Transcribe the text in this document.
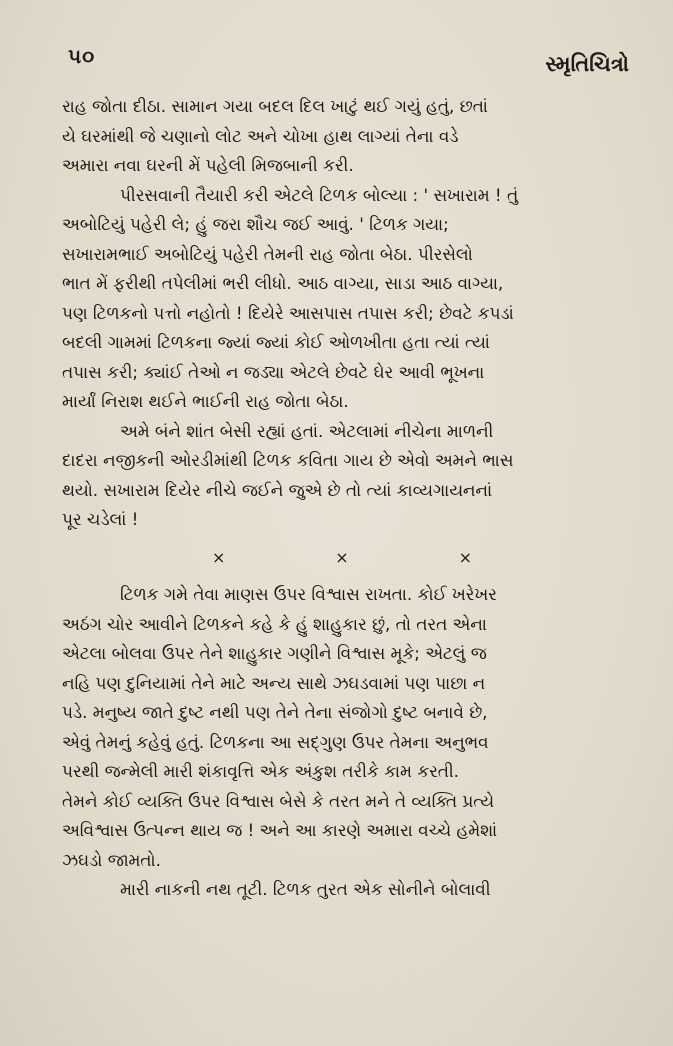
૫૦	સ્મૃતિચિત્રો
રાહ જોતા દીઠા. સામાન ગયા બદલ દિલ ખાટું થઈ ગયું હતું, છતાં
યે ઘરમાંથી જે ચણાનો લોટ અને ચોખા હાથ લાગ્યાં તેના વડે
અમારા નવા ઘરની મેં પહેલી મિજબાની કરી.
પીરસવાની તૈયારી કરી એટલે ટિળક બોલ્યા : ' સખારામ ! તું
અબોટિયું પહેરી લે; હું જરા શૌચ જઈ આવું. ' ટિળક ગયા;
સખારામભાઈ અબોટિયું પહેરી તેમની રાહ જોતા બેઠા. પીરસેલો
ભાત મેં ફરીથી તપેલીમાં ભરી લીધો. આઠ વાગ્યા, સાડા આઠ વાગ્યા,
પણ ટિળકનો પત્તો નહોતો ! દિયેરે આસપાસ તપાસ કરી; છેવટે કપડાં
બદલી ગામમાં ટિળકના જ્યાં જ્યાં કોઈ ઓળખીતા હતા ત્યાં ત્યાં
તપાસ કરી; ક્યાંઈ તેઓ ન જડ્યા એટલે છેવટે ઘેર આવી ભૂખના
માર્યાં નિરાશ થઈને ભાઈની રાહ જોતા બેઠા.
અમે બંને શાંત બેસી રહ્યાં હતાં. એટલામાં નીચેના માળની
દાદરા નજીકની ઓરડીમાંથી ટિળક કવિતા ગાય છે એવો અમને ભાસ
થયો. સખારામ દિયેર નીચે જઈને જુએ છે તો ત્યાં કાવ્યગાયનનાં
પૂર ચડેલાં !
×	×	×
ટિળક ગમે તેવા માણસ ઉપર વિશ્વાસ રાખતા. કોઈ ખરેખર
અઠંગ ચોર આવીને ટિળકને કહે કે હું શાહુકાર છું, તો તરત એના
એટલા બોલવા ઉપર તેને શાહુકાર ગણીને વિશ્વાસ મૂકે; એટલું જ
નહિ પણ દુનિયામાં તેને માટે અન્ય સાથે ઝઘડવામાં પણ પાછા ન
પડે. મનુષ્ય જાતે દુષ્ટ નથી પણ તેને તેના સંજોગો દુષ્ટ બનાવે છે,
એવું તેમનું કહેવું હતું. ટિળકના આ સદ્ગુણ ઉપર તેમના અનુભવ
પરથી જન્મેલી મારી શંકાવૃત્તિ એક અંકુશ તરીકે કામ કરતી.
તેમને કોઈ વ્યક્તિ ઉપર વિશ્વાસ બેસે કે તરત મને તે વ્યક્તિ પ્રત્યે
અવિશ્વાસ ઉત્પન્ન થાય જ ! અને આ કારણે અમારા વચ્ચે હમેશાં
ઝઘડો જામતો.
મારી નાકની નથ તૂટી. ટિળક તુરત એક સોનીને બોલાવી
